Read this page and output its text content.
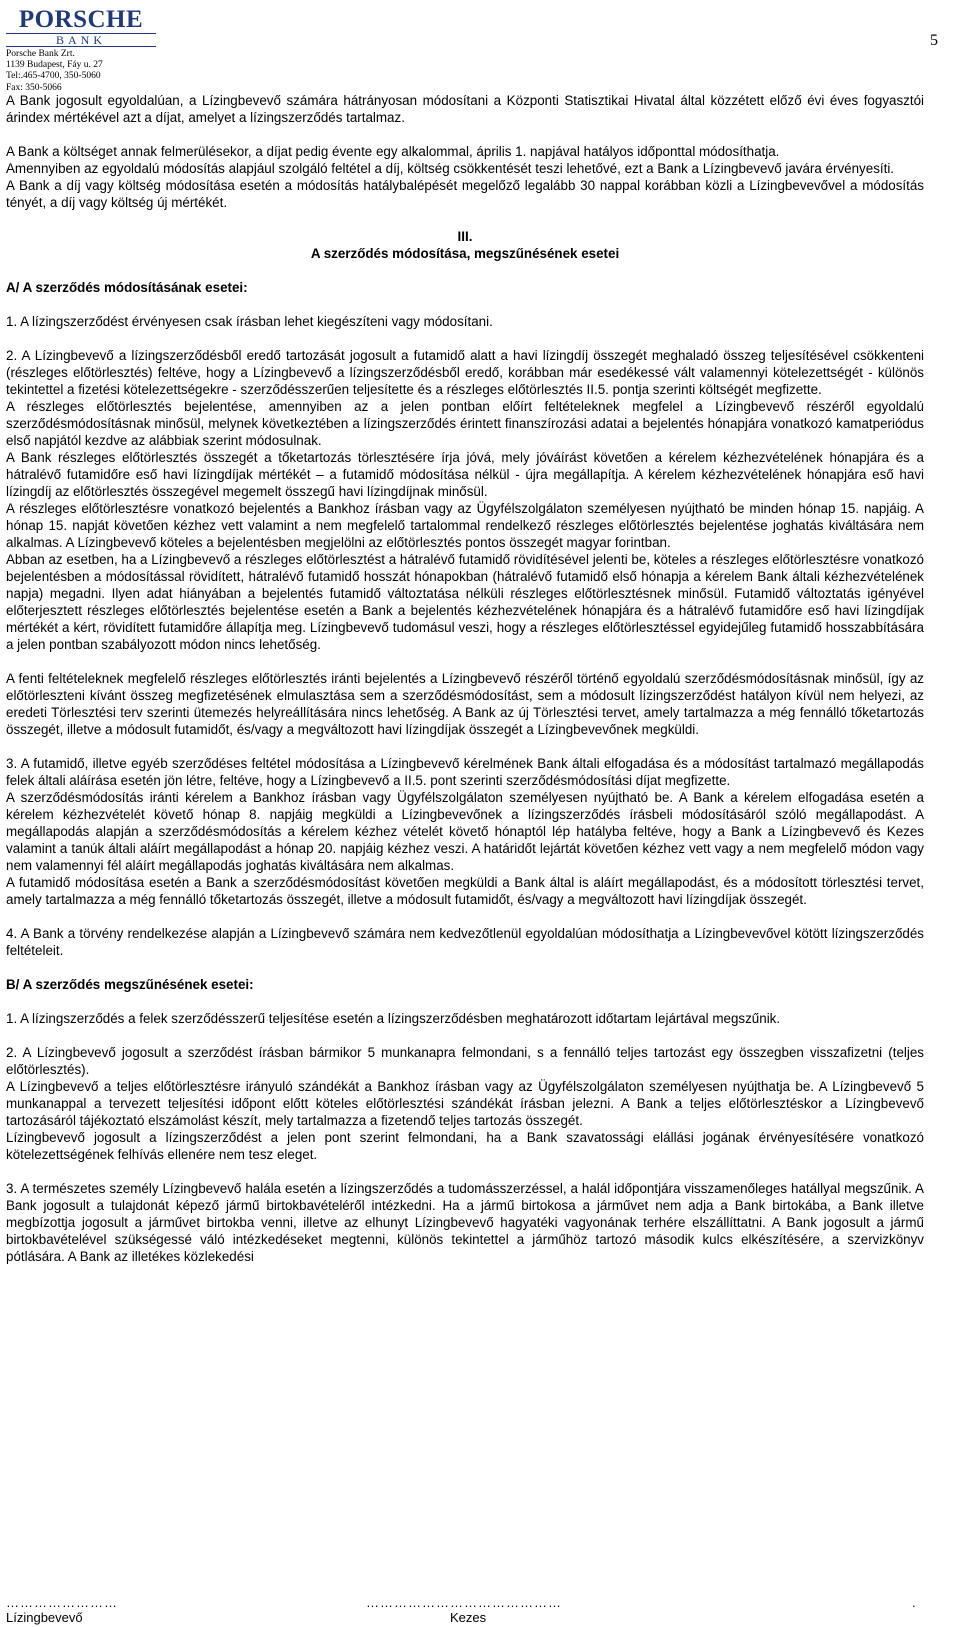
PORSCHE
BANK
Porsche Bank Zrt.
1139 Budapest, Fáy u. 27
Tel:.465-4700, 350-5060
Fax: 350-5066
5

A Bank jogosult egyoldalúan, a Lízingbevevő számára hátrányosan módosítani a Központi Statisztikai Hivatal által közzétett előző évi éves fogyasztói árindex mértékével azt a díjat, amelyet a lízingszerződés tartalmaz.

A Bank a költséget annak felmerülésekor, a díjat pedig évente egy alkalommal, április 1. napjával hatályos időponttal módosíthatja.

Amennyiben az egyoldalú módosítás alapjául szolgáló feltétel a díj, költség csökkentését teszi lehetővé, ezt a Bank a Lízingbevevő javára érvényesíti.

A Bank a díj vagy költség módosítása esetén a módosítás hatálybalépését megelőző legalább 30 nappal korábban közli a Lízingbevevővel a módosítás tényét, a díj vagy költség új mértékét.

III.

A szerződés módosítása, megszűnésének esetei

A/ A szerződés módosításának esetei:

1. A lízingszerződést érvényesen csak írásban lehet kiegészíteni vagy módosítani.

2. A Lízingbevevő a lízingszerződésből eredő tartozását jogosult a futamidő alatt a havi lízingdíj összegét meghaladó összeg teljesítésével csökkenteni (részleges előtörlesztés) feltéve, hogy a Lízingbevevő a lízingszerződésből eredő, korábban már esedékessé vált valamennyi kötelezettségét - különös tekintettel a fizetési kötelezettségekre - szerződésszerűen teljesítette és a részleges előtörlesztés II.5. pontja szerinti költségét megfizette.

A részleges előtörlesztés bejelentése, amennyiben az a jelen pontban előírt feltételeknek megfelel a Lízingbevevő részéről egyoldalú szerződésmódosításnak minősül, melynek következtében a lízingszerződés érintett finanszírozási adatai a bejelentés hónapjára vonatkozó kamatperiódus első napjától kezdve az alábbiak szerint módosulnak.

A Bank részleges előtörlesztés összegét a tőketartozás törlesztésére írja jóvá, mely jóváírást követően a kérelem kézhezvételének hónapjára és a hátralévő futamidőre eső havi lízingdíjak mértékét – a futamidő módosítása nélkül - újra megállapítja. A kérelem kézhezvételének hónapjára eső havi lízingdíj az előtörlesztés összegével megemelt összegű havi lízingdíjnak minősül.

A részleges előtörlesztésre vonatkozó bejelentés a Bankhoz írásban vagy az Ügyfélszolgálaton személyesen nyújtható be minden hónap 15. napjáig. A hónap 15. napját követően kézhez vett valamint a nem megfelelő tartalommal rendelkező részleges előtörlesztés bejelentése joghatás kiváltására nem alkalmas. A Lízingbevevő köteles a bejelentésben megjelölni az előtörlesztés pontos összegét magyar forintban.

Abban az esetben, ha a Lízingbevevő a részleges előtörlesztést a hátralévő futamidő rövidítésével jelenti be, köteles a részleges előtörlesztésre vonatkozó bejelentésben a módosítással rövidített, hátralévő futamidő hosszát hónapokban (hátralévő futamidő első hónapja a kérelem Bank általi kézhezvételének napja) megadni. Ilyen adat hiányában a bejelentés futamidő változtatása nélküli részleges előtörlesztésnek minősül. Futamidő változtatás igényével előterjesztett részleges előtörlesztés bejelentése esetén a Bank a bejelentés kézhezvételének hónapjára és a hátralévő futamidőre eső havi lízingdíjak mértékét a kért, rövidített futamidőre állapítja meg. Lízingbevevő tudomásul veszi, hogy a részleges előtörlesztéssel egyidejűleg futamidő hosszabbítására a jelen pontban szabályozott módon nincs lehetőség.

A fenti feltételeknek megfelelő részleges előtörlesztés iránti bejelentés a Lízingbevevő részéről történő egyoldalú szerződésmódosításnak minősül, így az előtörleszteni kívánt összeg megfizetésének elmulasztása sem a szerződésmódosítást, sem a módosult lízingszerződést hatályon kívül nem helyezi, az eredeti Törlesztési terv szerinti ütemezés helyreállítására nincs lehetőség. A Bank az új Törlesztési tervet, amely tartalmazza a még fennálló tőketartozás összegét, illetve a módosult futamidőt, és/vagy a megváltozott havi lízingdíjak összegét a Lízingbevevőnek megküldi.

3. A futamidő, illetve egyéb szerződéses feltétel módosítása a Lízingbevevő kérelmének Bank általi elfogadása és a módosítást tartalmazó megállapodás felek általi aláírása esetén jön létre, feltéve, hogy a Lízingbevevő a II.5. pont szerinti szerződésmódosítási díjat megfizette.

A szerződésmódosítás iránti kérelem a Bankhoz írásban vagy Ügyfélszolgálaton személyesen nyújtható be. A Bank a kérelem elfogadása esetén a kérelem kézhezvételét követő hónap 8. napjáig megküldi a Lízingbevevőnek a lízingszerződés írásbeli módosításáról szóló megállapodást. A megállapodás alapján a szerződésmódosítás a kérelem kézhez vételét követő hónaptól lép hatályba feltéve, hogy a Bank a Lízingbevevő és Kezes valamint a tanúk általi aláírt megállapodást a hónap 20. napjáig kézhez veszi. A határidőt lejártát követően kézhez vett vagy a nem megfelelő módon vagy nem valamennyi fél aláírt megállapodás joghatás kiváltására nem alkalmas.

A futamidő módosítása esetén a Bank a szerződésmódosítást követően megküldi a Bank által is aláírt megállapodást, és a módosított törlesztési tervet, amely tartalmazza a még fennálló tőketartozás összegét, illetve a módosult futamidőt, és/vagy a megváltozott havi lízingdíjak összegét.

4. A Bank a törvény rendelkezése alapján a Lízingbevevő számára nem kedvezőtlenül egyoldalúan módosíthatja a Lízingbevevővel kötött lízingszerződés feltételeit.

B/ A szerződés megszűnésének esetei:

1. A lízingszerződés a felek szerződésszerű teljesítése esetén a lízingszerződésben meghatározott időtartam lejártával megszűnik.

2. A Lízingbevevő jogosult a szerződést írásban bármikor 5 munkanapra felmondani, s a fennálló teljes tartozást egy összegben visszafizetni (teljes előtörlesztés).

A Lízingbevevő a teljes előtörlesztésre irányuló szándékát a Bankhoz írásban vagy az Ügyfélszolgálaton személyesen nyújthatja be. A Lízingbevevő 5 munkanappal a tervezett teljesítési időpont előtt köteles előtörlesztési szándékát írásban jelezni. A Bank a teljes előtörlesztéskor a Lízingbevevő tartozásáról tájékoztató elszámolást készít, mely tartalmazza a fizetendő teljes tartozás összegét.

Lízingbevevő jogosult a lízingszerződést a jelen pont szerint felmondani, ha a Bank szavatossági elállási jogának érvényesítésére vonatkozó kötelezettségének felhívás ellenére nem tesz eleget.

3. A természetes személy Lízingbevevő halála esetén a lízingszerződés a tudomásszerzéssel, a halál időpontjára visszamenőleges hatállyal megszűnik. A Bank jogosult a tulajdonát képező jármű birtokbavételéről intézkedni. Ha a jármű birtokosa a járművet nem adja a Bank birtokába, a Bank illetve megbízottja jogosult a járművet birtokba venni, illetve az elhunyt Lízingbevevő hagyatéki vagyonának terhére elszállíttatni. A Bank jogosult a jármű birtokbavételével szükségessé váló intézkedéseket megtenni, különös tekintettel a járműhöz tartozó második kulcs elkészítésére, a szervizkönyv pótlására. A Bank az illetékes közlekedési

……………………
Lízingbevevő
……………………………………
Kezes
.
